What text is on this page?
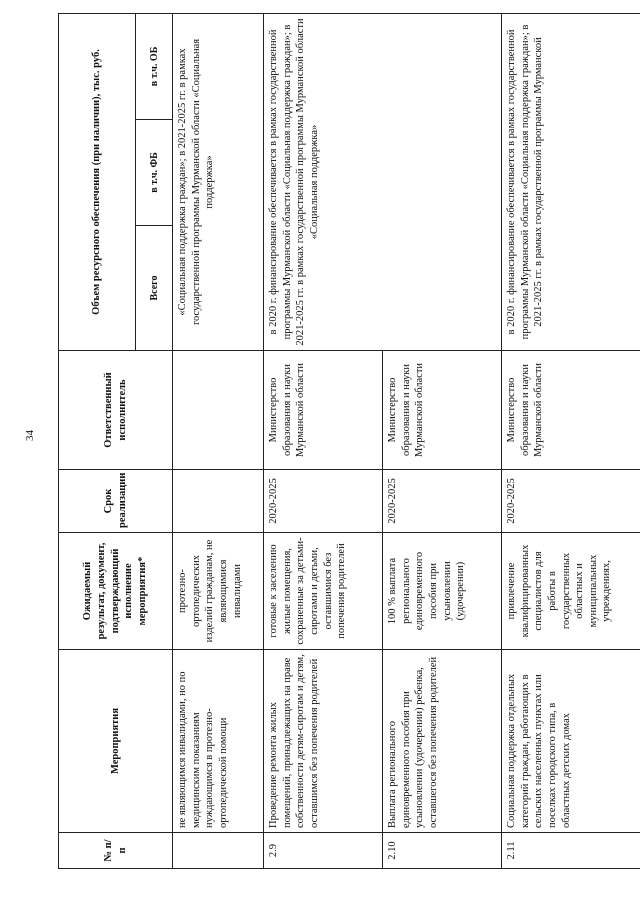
34
№ п/п	Мероприятия	Ожидаемый результат, документ, подтверждающий исполнение мероприятия*	Срок реализации	Ответственный исполнитель	Объем ресурсного обеспечения (при наличии), тыс. руб.		
					Всего	в т.ч. ФБ	в т.ч. ОБ
	не являющимся инвалидами, но по медицинским показаниям нуждающимся в протезно-ортопедической помощи	протезно-ортопедических изделий гражданам, не являющимися инвалидами			«Социальная поддержка граждан»; в 2021-2025 гг. в рамках государственной программы Мурманской области «Социальная поддержка»		
2.9	Проведение ремонта жилых помещений, принадлежащих на праве собственности детям-сиротам и детям, оставшимся без попечения родителей	готовые к заселению жилые помещения, сохраненные за детьми-сиротами и детьми, оставшимися без попечения родителей	2020-2025	Министерство образования и науки Мурманской области	в 2020 г. финансирование обеспечивается в рамках государственной программы Мурманской области «Социальная поддержка граждан»; в 2021-2025 гг. в рамках государственной программы Мурманской области «Социальная поддержка»		
2.10	Выплата регионального единовременного пособия при усыновлении (удочерении) ребенка, оставшегося без попечения родителей	100 % выплата регионального единовременного пособия при усыновлении (удочерении)	2020-2025	Министерство образования и науки Мурманской области			
2.11	Социальная поддержка отдельных категорий граждан, работающих в сельских населенных пунктах или поселках городского типа, в областных детских домах	привлечение квалифицированных специалистов для работы в государственных областных и муниципальных учреждениях,	2020-2025	Министерство образования и науки Мурманской области	в 2020 г. финансирование обеспечивается в рамках государственной программы Мурманской области «Социальная поддержка граждан»; в 2021-2025 гг. в рамках государственной программы Мурманской		
